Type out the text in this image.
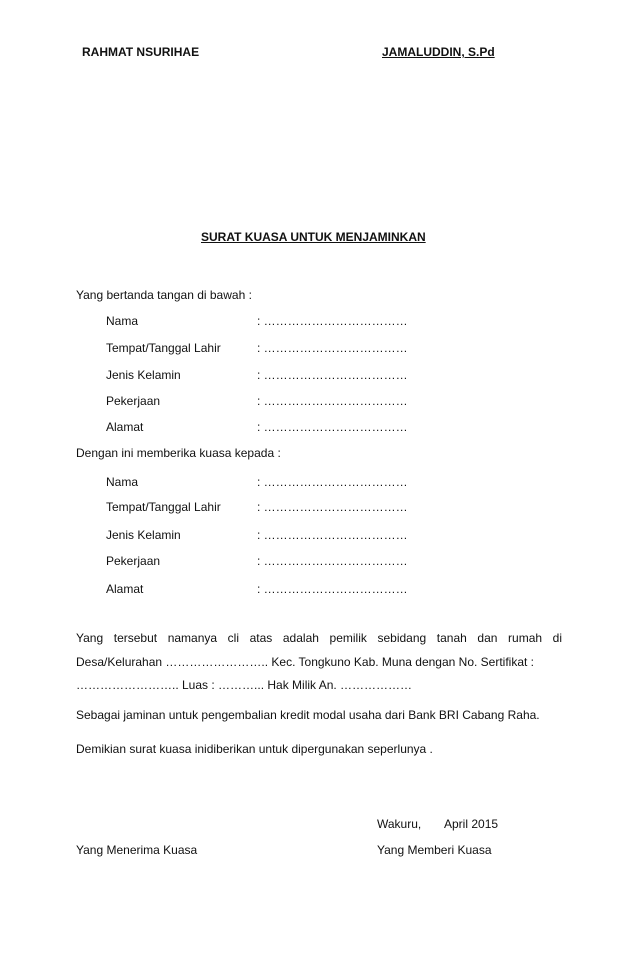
RAHMAT NSURIHAE	JAMALUDDIN, S.Pd
SURAT KUASA UNTUK MENJAMINKAN
Yang bertanda tangan di bawah :
Nama	: ………………………………
Tempat/Tanggal Lahir	: ………………………………
Jenis Kelamin	: ………………………………
Pekerjaan	: ………………………………
Alamat	: ………………………………
Dengan ini memberika kuasa kepada :
Nama	: ………………………………
Tempat/Tanggal Lahir	: ………………………………
Jenis Kelamin	: ………………………………
Pekerjaan	: ………………………………
Alamat	: ………………………………
Yang tersebut namanya cli atas adalah pemilik sebidang tanah dan rumah di
Desa/Kelurahan …………………….. Kec. Tongkuno Kab. Muna dengan No. Sertifikat :
…………………….. Luas : ………... Hak Milik An. ………………
Sebagai jaminan untuk pengembalian kredit modal usaha dari Bank BRI Cabang Raha.
Demikian surat kuasa inidiberikan untuk dipergunakan seperlunya .
Wakuru, April 2015
Yang Menerima Kuasa	Yang Memberi Kuasa
